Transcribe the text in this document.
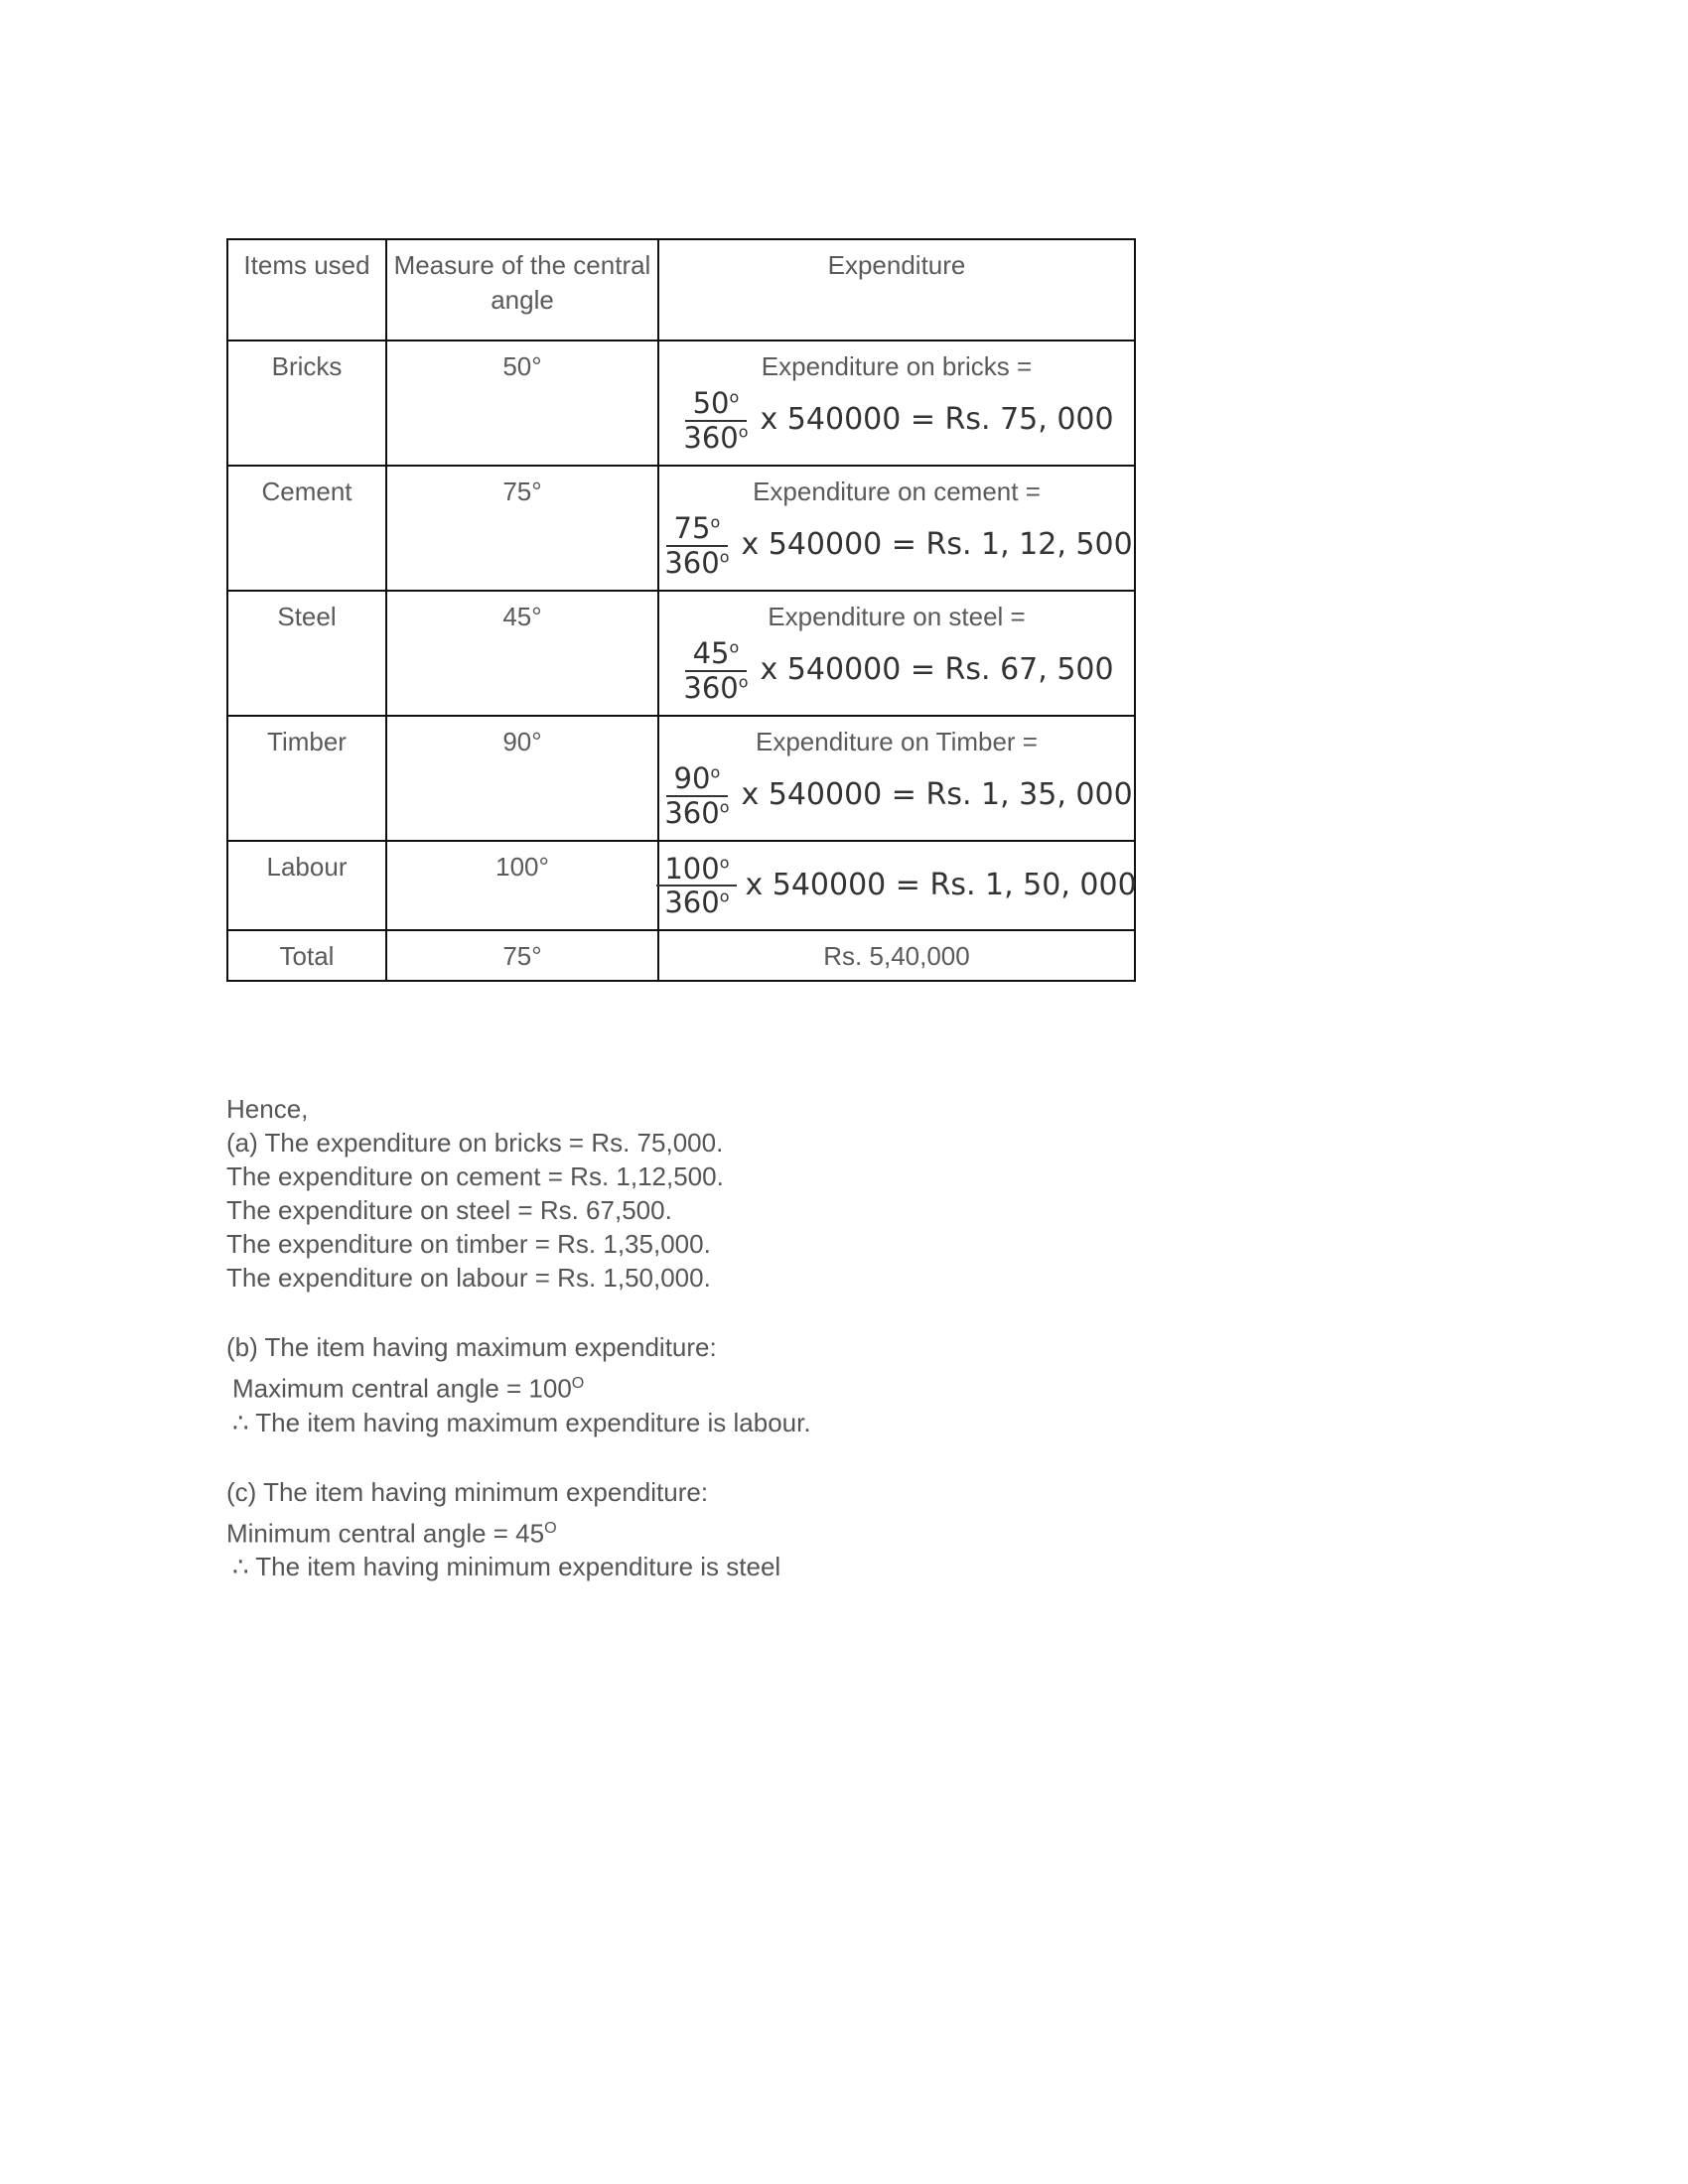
Items used	Measure of the central angle	Expenditure
Bricks	50°	Expenditure on bricks =
$\frac{50^o}{360^o}$ x 540000 = Rs. 75, 000

Cement	75°	Expenditure on cement =
$\frac{75^o}{360^o}$ x 540000 = Rs. 1, 12, 500

Steel	45°	Expenditure on steel =
$\frac{45^o}{360^o}$ x 540000 = Rs. 67, 500

Timber	90°	Expenditure on Timber =
$\frac{90^o}{360^o}$ x 540000 = Rs. 1, 35, 000

Labour	100°	$\frac{100^o}{360^o}$ x 540000 = Rs. 1, 50, 000

Total	75°	Rs. 5,40,000

Hence,

(a) The expenditure on bricks = Rs. 75,000.

The expenditure on cement = Rs. 1,12,500.

The expenditure on steel = Rs. 67,500.

The expenditure on timber = Rs. 1,35,000.

The expenditure on labour = Rs. 1,50,000.

(b) The item having maximum expenditure:

Maximum central angle = $100^O$

∴ The item having maximum expenditure is labour.

(c) The item having minimum expenditure:

Minimum central angle = $45^O$

∴ The item having minimum expenditure is steel
